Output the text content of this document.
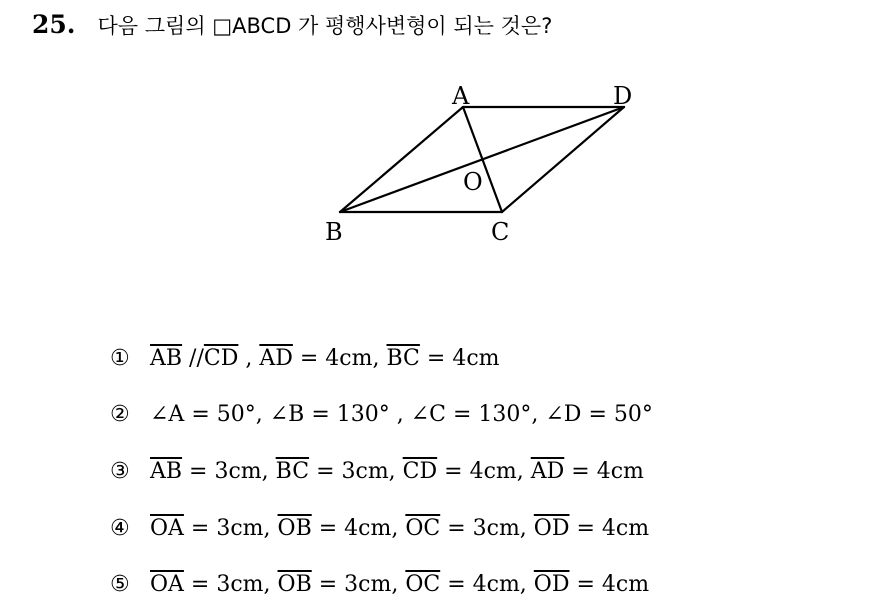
25. 다음 그림의 □ABCD 가 평행사변형이 되는 것은?
A	D
B	C
O
① $\overline{AB}$ $//\overline{CD}$ , $\overline{AD} = 4cm$, $\overline{BC} = 4cm$
② ∠A = 50°, ∠B = 130° , ∠C = 130°, ∠D = 50°
③ $\overline{AB} = 3cm$, $\overline{BC} = 3cm$, $\overline{CD} = 4cm$, $\overline{AD} = 4cm$
④ $\overline{OA} = 3cm$, $\overline{OB} = 4cm$, $\overline{OC} = 3cm$, $\overline{OD} = 4cm$
⑤ $\overline{OA} = 3cm$, $\overline{OB} = 3cm$, $\overline{OC} = 4cm$, $\overline{OD} = 4cm$
